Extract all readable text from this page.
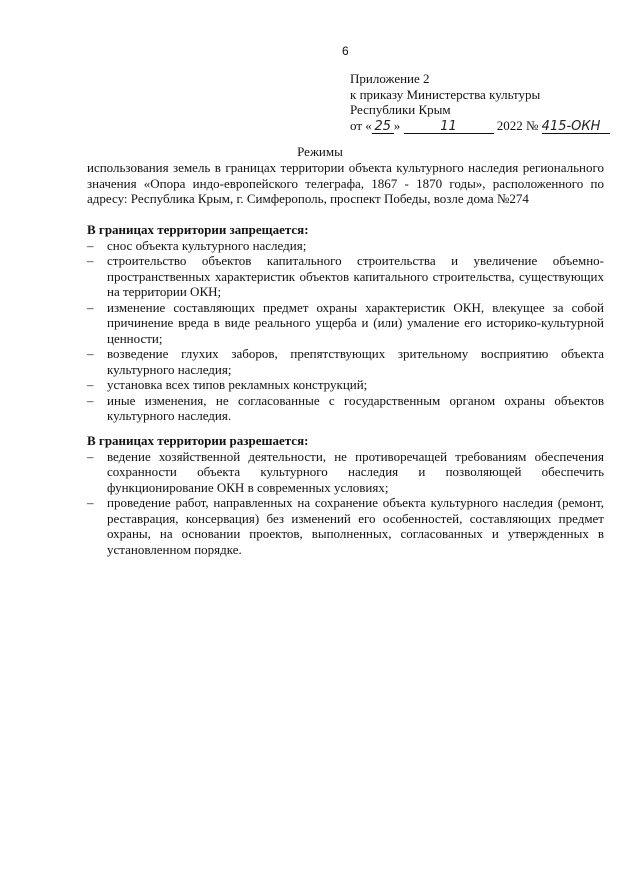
6
Приложение 2
к приказу Министерства культуры
Республики Крым
от « 25 »	11	2022 № 415-ОКН
Режимы
использования земель в границах территории объекта культурного наследия регионального значения «Опора индо-европейского телеграфа, 1867 - 1870 годы», расположенного по адресу: Республика Крым, г. Симферополь, проспект Победы, возле дома №274
В границах территории запрещается:
– снос объекта культурного наследия;
– строительство объектов капитального строительства и увеличение объемно-пространственных характеристик объектов капитального строительства, существующих на территории ОКН;
– изменение составляющих предмет охраны характеристик ОКН, влекущее за собой причинение вреда в виде реального ущерба и (или) умаление его историко-культурной ценности;
– возведение глухих заборов, препятствующих зрительному восприятию объекта культурного наследия;
– установка всех типов рекламных конструкций;
– иные изменения, не согласованные с государственным органом охраны объектов культурного наследия.
В границах территории разрешается:
– ведение хозяйственной деятельности, не противоречащей требованиям обеспечения сохранности объекта культурного наследия и позволяющей обеспечить функционирование ОКН в современных условиях;
– проведение работ, направленных на сохранение объекта культурного наследия (ремонт, реставрация, консервация) без изменений его особенностей, составляющих предмет охраны, на основании проектов, выполненных, согласованных и утвержденных в установленном порядке.
